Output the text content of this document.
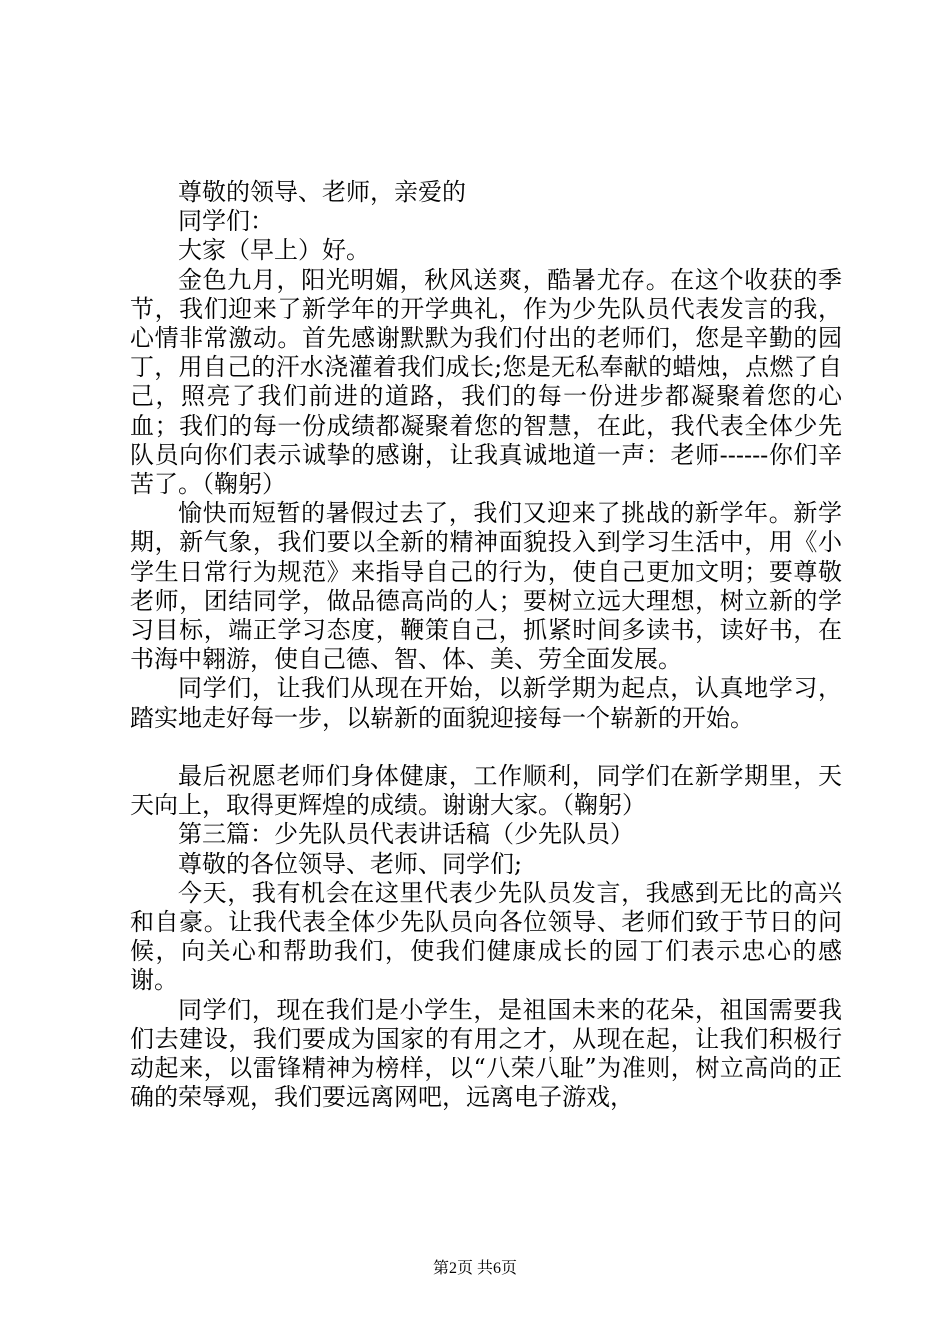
尊敬的领导、老师，亲爱的

同学们：

大家（早上）好。

金色九月，阳光明媚，秋风送爽，酷暑尤存。在这个收获的季节，我们迎来了新学年的开学典礼，作为少先队员代表发言的我，心情非常激动。首先感谢默默为我们付出的老师们，您是辛勤的园丁，用自己的汗水浇灌着我们成长;您是无私奉献的蜡烛，点燃了自己，照亮了我们前进的道路，我们的每一份进步都凝聚着您的心血；我们的每一份成绩都凝聚着您的智慧，在此，我代表全体少先队员向你们表示诚挚的感谢，让我真诚地道一声：老师------你们辛苦了。（鞠躬）

愉快而短暂的暑假过去了，我们又迎来了挑战的新学年。新学期，新气象，我们要以全新的精神面貌投入到学习生活中，用《小学生日常行为规范》来指导自己的行为，使自己更加文明；要尊敬老师，团结同学，做品德高尚的人；要树立远大理想，树立新的学习目标，端正学习态度，鞭策自己，抓紧时间多读书，读好书，在书海中翱游，使自己德、智、体、美、劳全面发展。

同学们，让我们从现在开始，以新学期为起点，认真地学习，踏实地走好每一步，以崭新的面貌迎接每一个崭新的开始。

最后祝愿老师们身体健康，工作顺利，同学们在新学期里，天天向上，取得更辉煌的成绩。谢谢大家。（鞠躬）

第三篇：少先队员代表讲话稿（少先队员）

尊敬的各位领导、老师、同学们;

今天，我有机会在这里代表少先队员发言，我感到无比的高兴和自豪。让我代表全体少先队员向各位领导、老师们致于节日的问候，向关心和帮助我们，使我们健康成长的园丁们表示忠心的感谢。

同学们，现在我们是小学生，是祖国未来的花朵，祖国需要我们去建设，我们要成为国家的有用之才，从现在起，让我们积极行动起来，以雷锋精神为榜样，以“八荣八耻”为准则，树立高尚的正确的荣辱观，我们要远离网吧，远离电子游戏，

第2页 共6页
